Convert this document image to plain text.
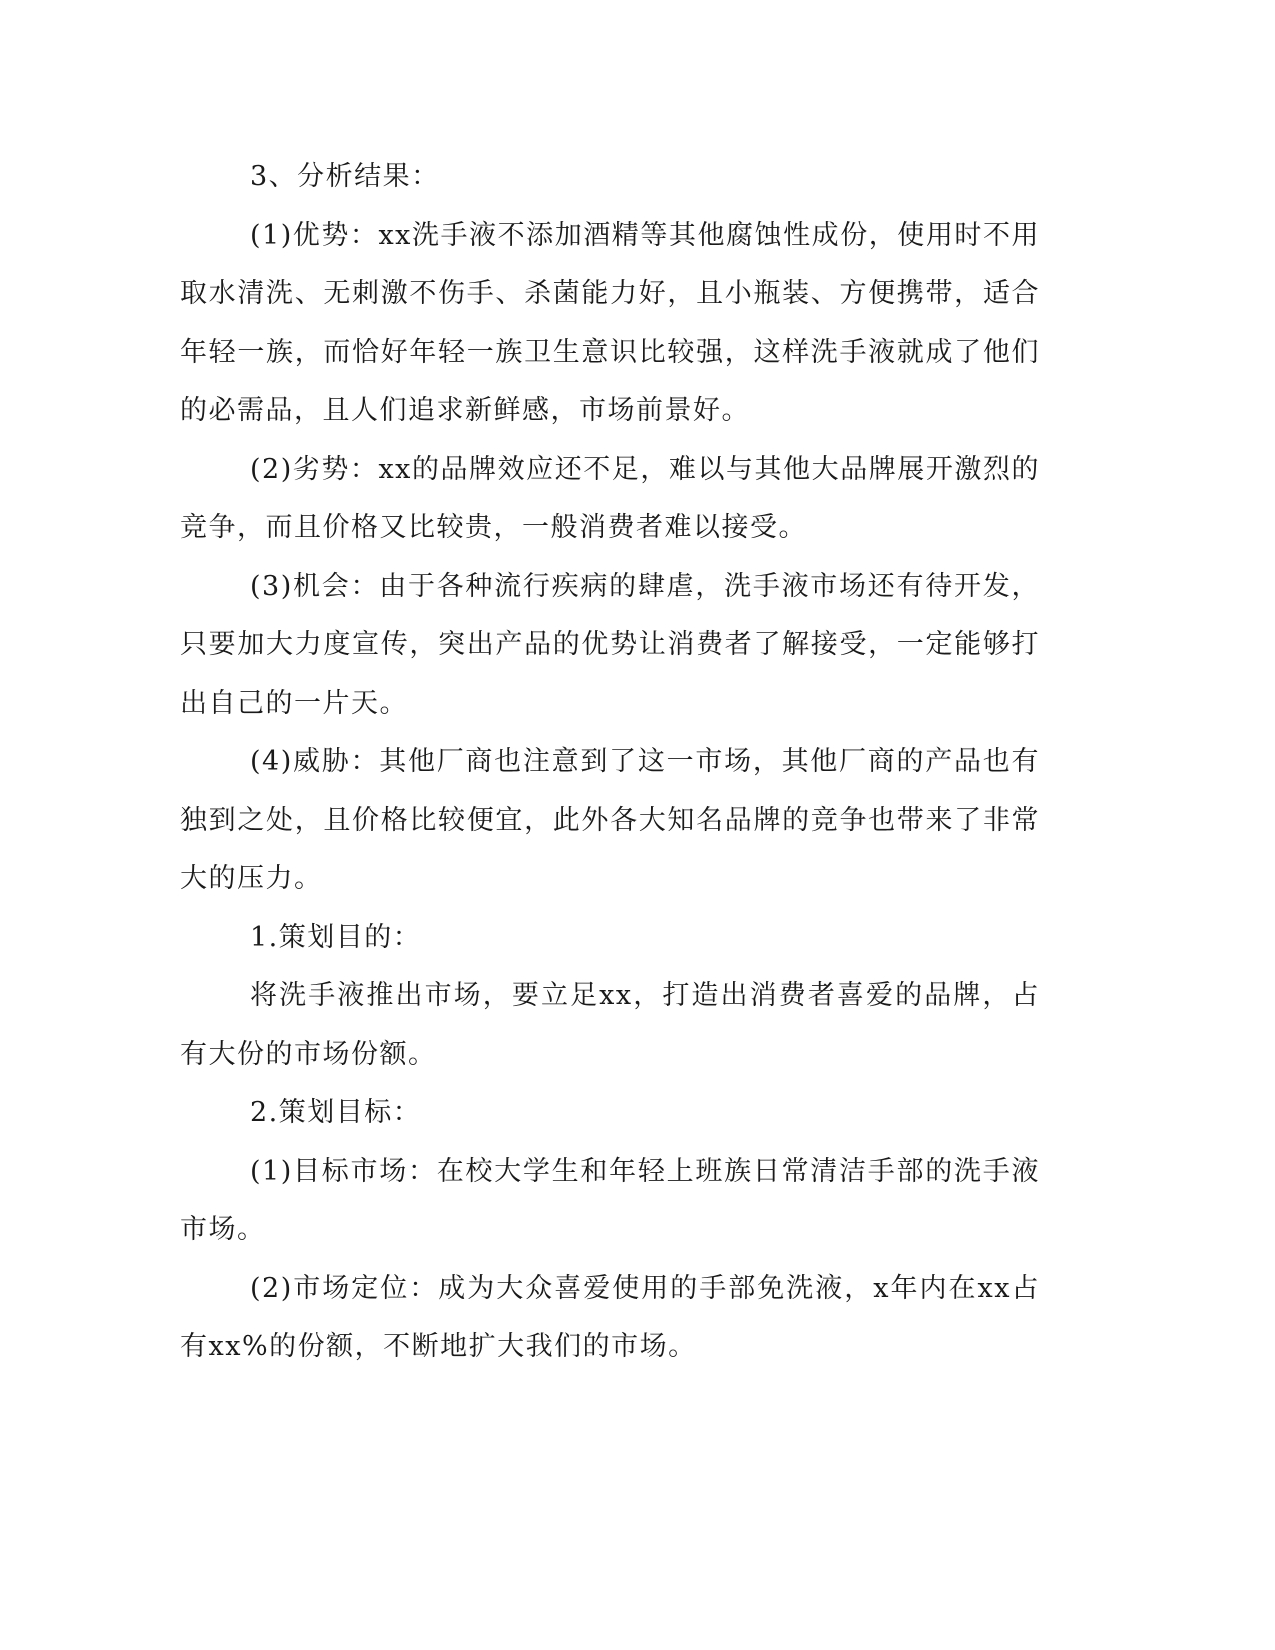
3、分析结果：

(1)优势：xx洗手液不添加酒精等其他腐蚀性成份，使用时不用取水清洗、无刺激不伤手、杀菌能力好，且小瓶装、方便携带，适合年轻一族，而恰好年轻一族卫生意识比较强，这样洗手液就成了他们的必需品，且人们追求新鲜感，市场前景好。

(2)劣势：xx的品牌效应还不足，难以与其他大品牌展开激烈的竞争，而且价格又比较贵，一般消费者难以接受。

(3)机会：由于各种流行疾病的肆虐，洗手液市场还有待开发，只要加大力度宣传，突出产品的优势让消费者了解接受，一定能够打出自己的一片天。

(4)威胁：其他厂商也注意到了这一市场，其他厂商的产品也有独到之处，且价格比较便宜，此外各大知名品牌的竞争也带来了非常大的压力。

1.策划目的：

将洗手液推出市场，要立足xx，打造出消费者喜爱的品牌，占有大份的市场份额。

2.策划目标：

(1)目标市场：在校大学生和年轻上班族日常清洁手部的洗手液市场。

(2)市场定位：成为大众喜爱使用的手部免洗液，x年内在xx占有xx%的份额，不断地扩大我们的市场。
